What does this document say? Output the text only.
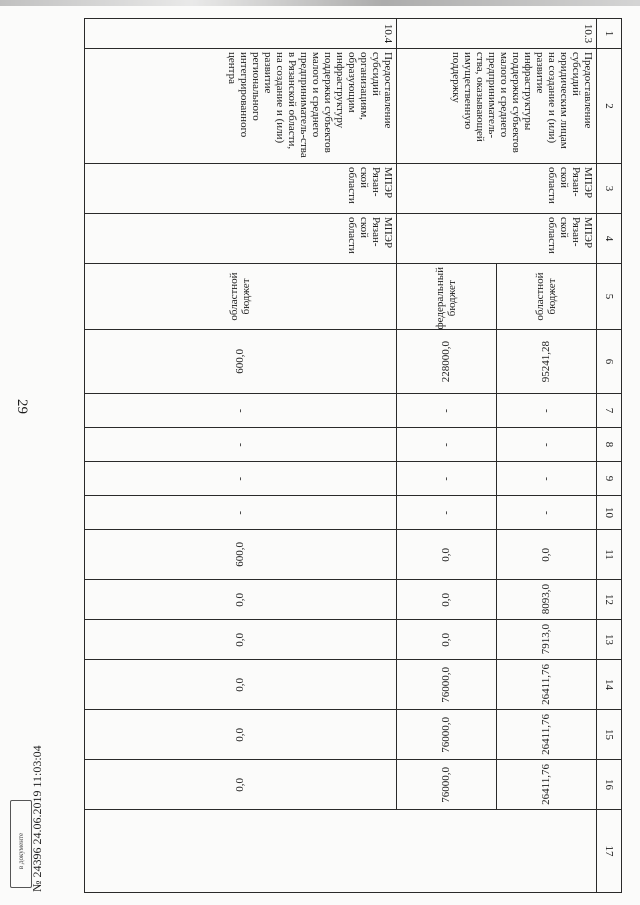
29
1	2	3	4	5	6	7	8	9	10	11	12	13	14	15	16	17
10.3	Предоставление субсидий юридическим лицам на создание и (или) развитие инфраструктуры поддержки субъектов малого и среднего предприниматель-ства, оказывающей имущественную поддержку	МПЭР Рязан-ской области	МПЭР Рязан-ской области	областной бюджет	95241,28	-	-	-	-	0,0	8093,0	7913,0	26411,76	26411,76	26411,76	
				федеральный бюджет	228000,0	-	-	-	-	0,0	0,0	0,0	76000,0	76000,0	76000,0	
10.4	Предоставление субсидий организациям, образующим инфраструктуру поддержки субъектов малого и среднего предприниматель-ства в Рязанской области, на создание и (или) развитие регионального интегрированного центра	МПЭР Рязан-ской области	МПЭР Рязан-ской области	областной бюджет	600,0	-	-	-	-	600,0	0,0	0,0	0,0	0,0	0,0	
№ 24396 24.06.2019 11:03:04
в документе
